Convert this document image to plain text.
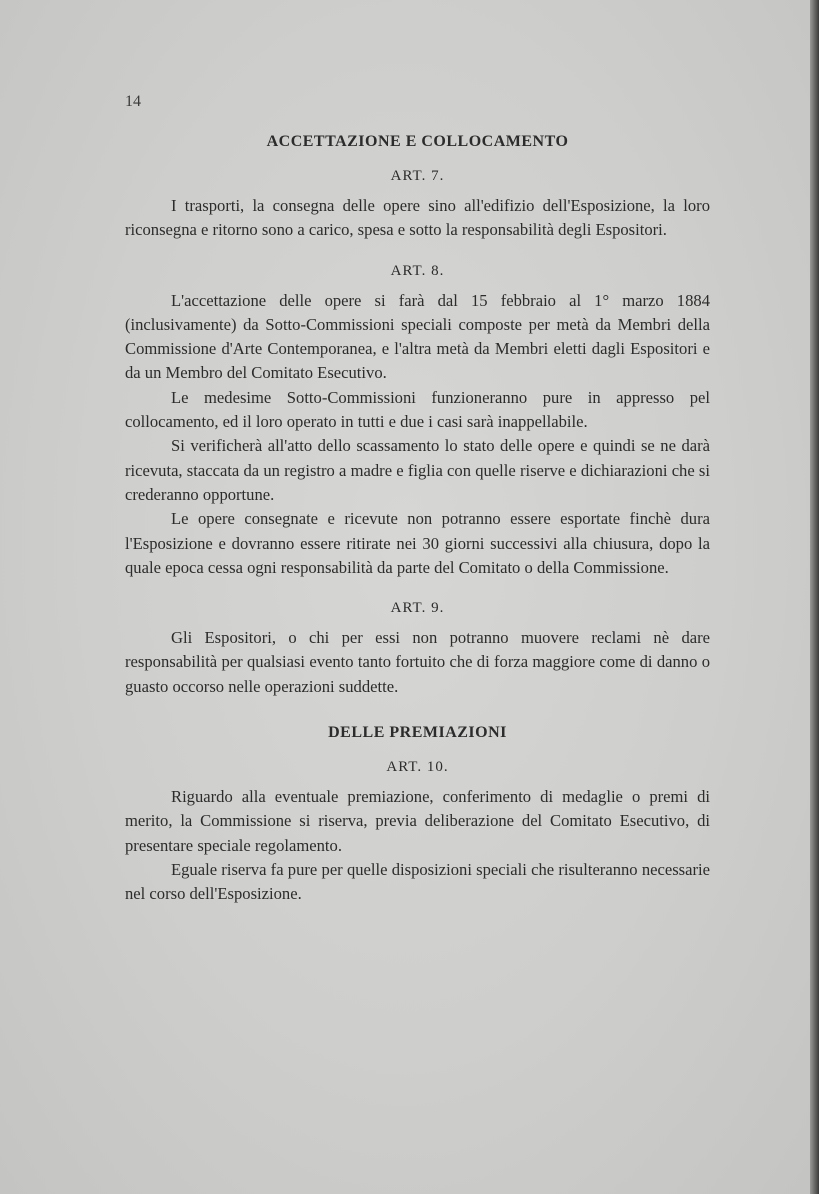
14
ACCETTAZIONE E COLLOCAMENTO
ART. 7.

I trasporti, la consegna delle opere sino all'edifizio dell'Esposizione, la loro riconsegna e ritorno sono a carico, spesa e sotto la responsabilità degli Espositori.

ART. 8.

L'accettazione delle opere si farà dal 15 febbraio al 1° marzo 1884 (inclusivamente) da Sotto-Commissioni speciali composte per metà da Membri della Commissione d'Arte Contemporanea, e l'altra metà da Membri eletti dagli Espositori e da un Membro del Comitato Esecutivo.

Le medesime Sotto-Commissioni funzioneranno pure in appresso pel collocamento, ed il loro operato in tutti e due i casi sarà inappellabile.

Si verificherà all'atto dello scassamento lo stato delle opere e quindi se ne darà ricevuta, staccata da un registro a madre e figlia con quelle riserve e dichiarazioni che si crederanno opportune.

Le opere consegnate e ricevute non potranno essere esportate finchè dura l'Esposizione e dovranno essere ritirate nei 30 giorni successivi alla chiusura, dopo la quale epoca cessa ogni responsabilità da parte del Comitato o della Commissione.

ART. 9.

Gli Espositori, o chi per essi non potranno muovere reclami nè dare responsabilità per qualsiasi evento tanto fortuito che di forza maggiore come di danno o guasto occorso nelle operazioni suddette.

DELLE PREMIAZIONI
ART. 10.

Riguardo alla eventuale premiazione, conferimento di medaglie o premi di merito, la Commissione si riserva, previa deliberazione del Comitato Esecutivo, di presentare speciale regolamento.

Eguale riserva fa pure per quelle disposizioni speciali che risulteranno necessarie nel corso dell'Esposizione.
